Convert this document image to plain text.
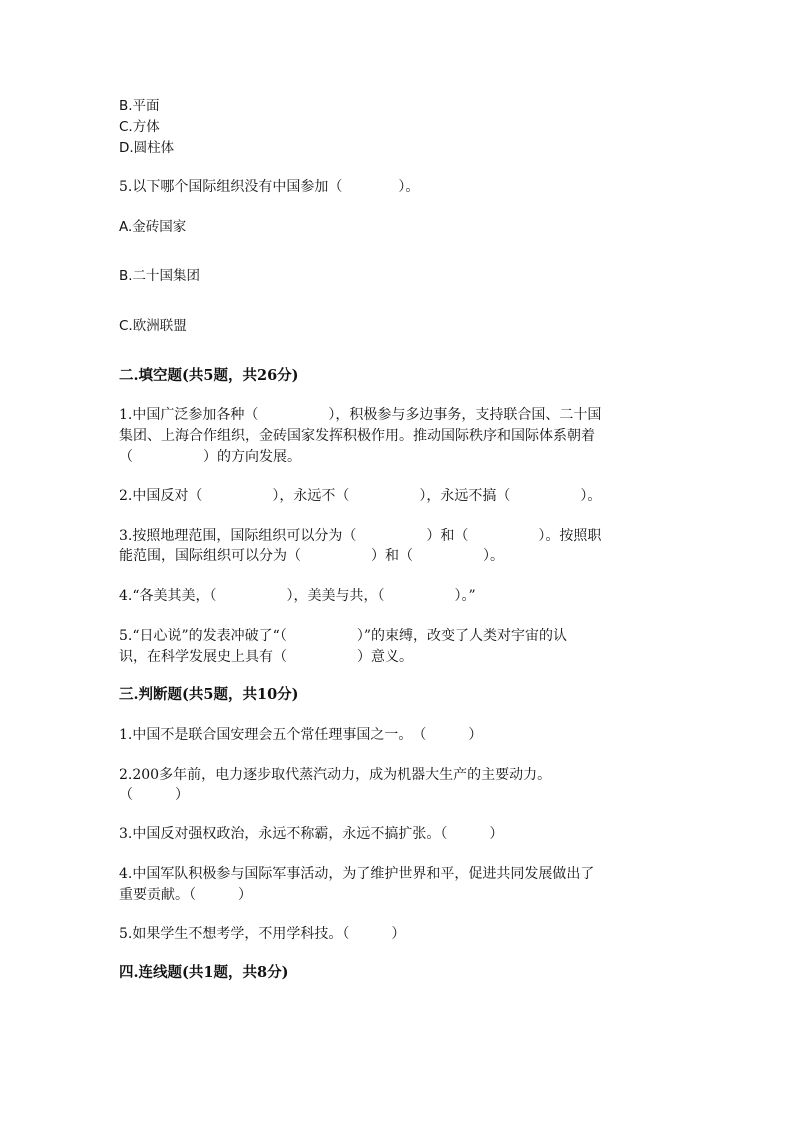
B.平面
C.方体
D.圆柱体
5.以下哪个国际组织没有中国参加（　　　　）。
A.金砖国家
B.二十国集团
C.欧洲联盟
二.填空题(共5题，共26分)
1.中国广泛参加各种（　　　　　），积极参与多边事务，支持联合国、二十国
集团、上海合作组织，金砖国家发挥积极作用。推动国际秩序和国际体系朝着
（　　　　　）的方向发展。
2.中国反对（　　　　　），永远不（　　　　　），永远不搞（　　　　　）。
3.按照地理范围，国际组织可以分为（　　　　　）和（　　　　　）。按照职
能范围，国际组织可以分为（　　　　　）和（　　　　　）。
4.“各美其美，（　　　　　），美美与共，（　　　　　）。”
5.“日心说”的发表冲破了“（　　　　　）”的束缚，改变了人类对宇宙的认
识，在科学发展史上具有（　　　　　）意义。
三.判断题(共5题，共10分)
1.中国不是联合国安理会五个常任理事国之一。　（　　　）
2.200多年前，电力逐步取代蒸汽动力，成为机器大生产的主要动力。
（　　　）
3.中国反对强权政治，永远不称霸，永远不搞扩张。（　　　）
4.中国军队积极参与国际军事活动，为了维护世界和平，促进共同发展做出了
重要贡献。（　　　）
5.如果学生不想考学，不用学科技。（　　　）
四.连线题(共1题，共8分)
